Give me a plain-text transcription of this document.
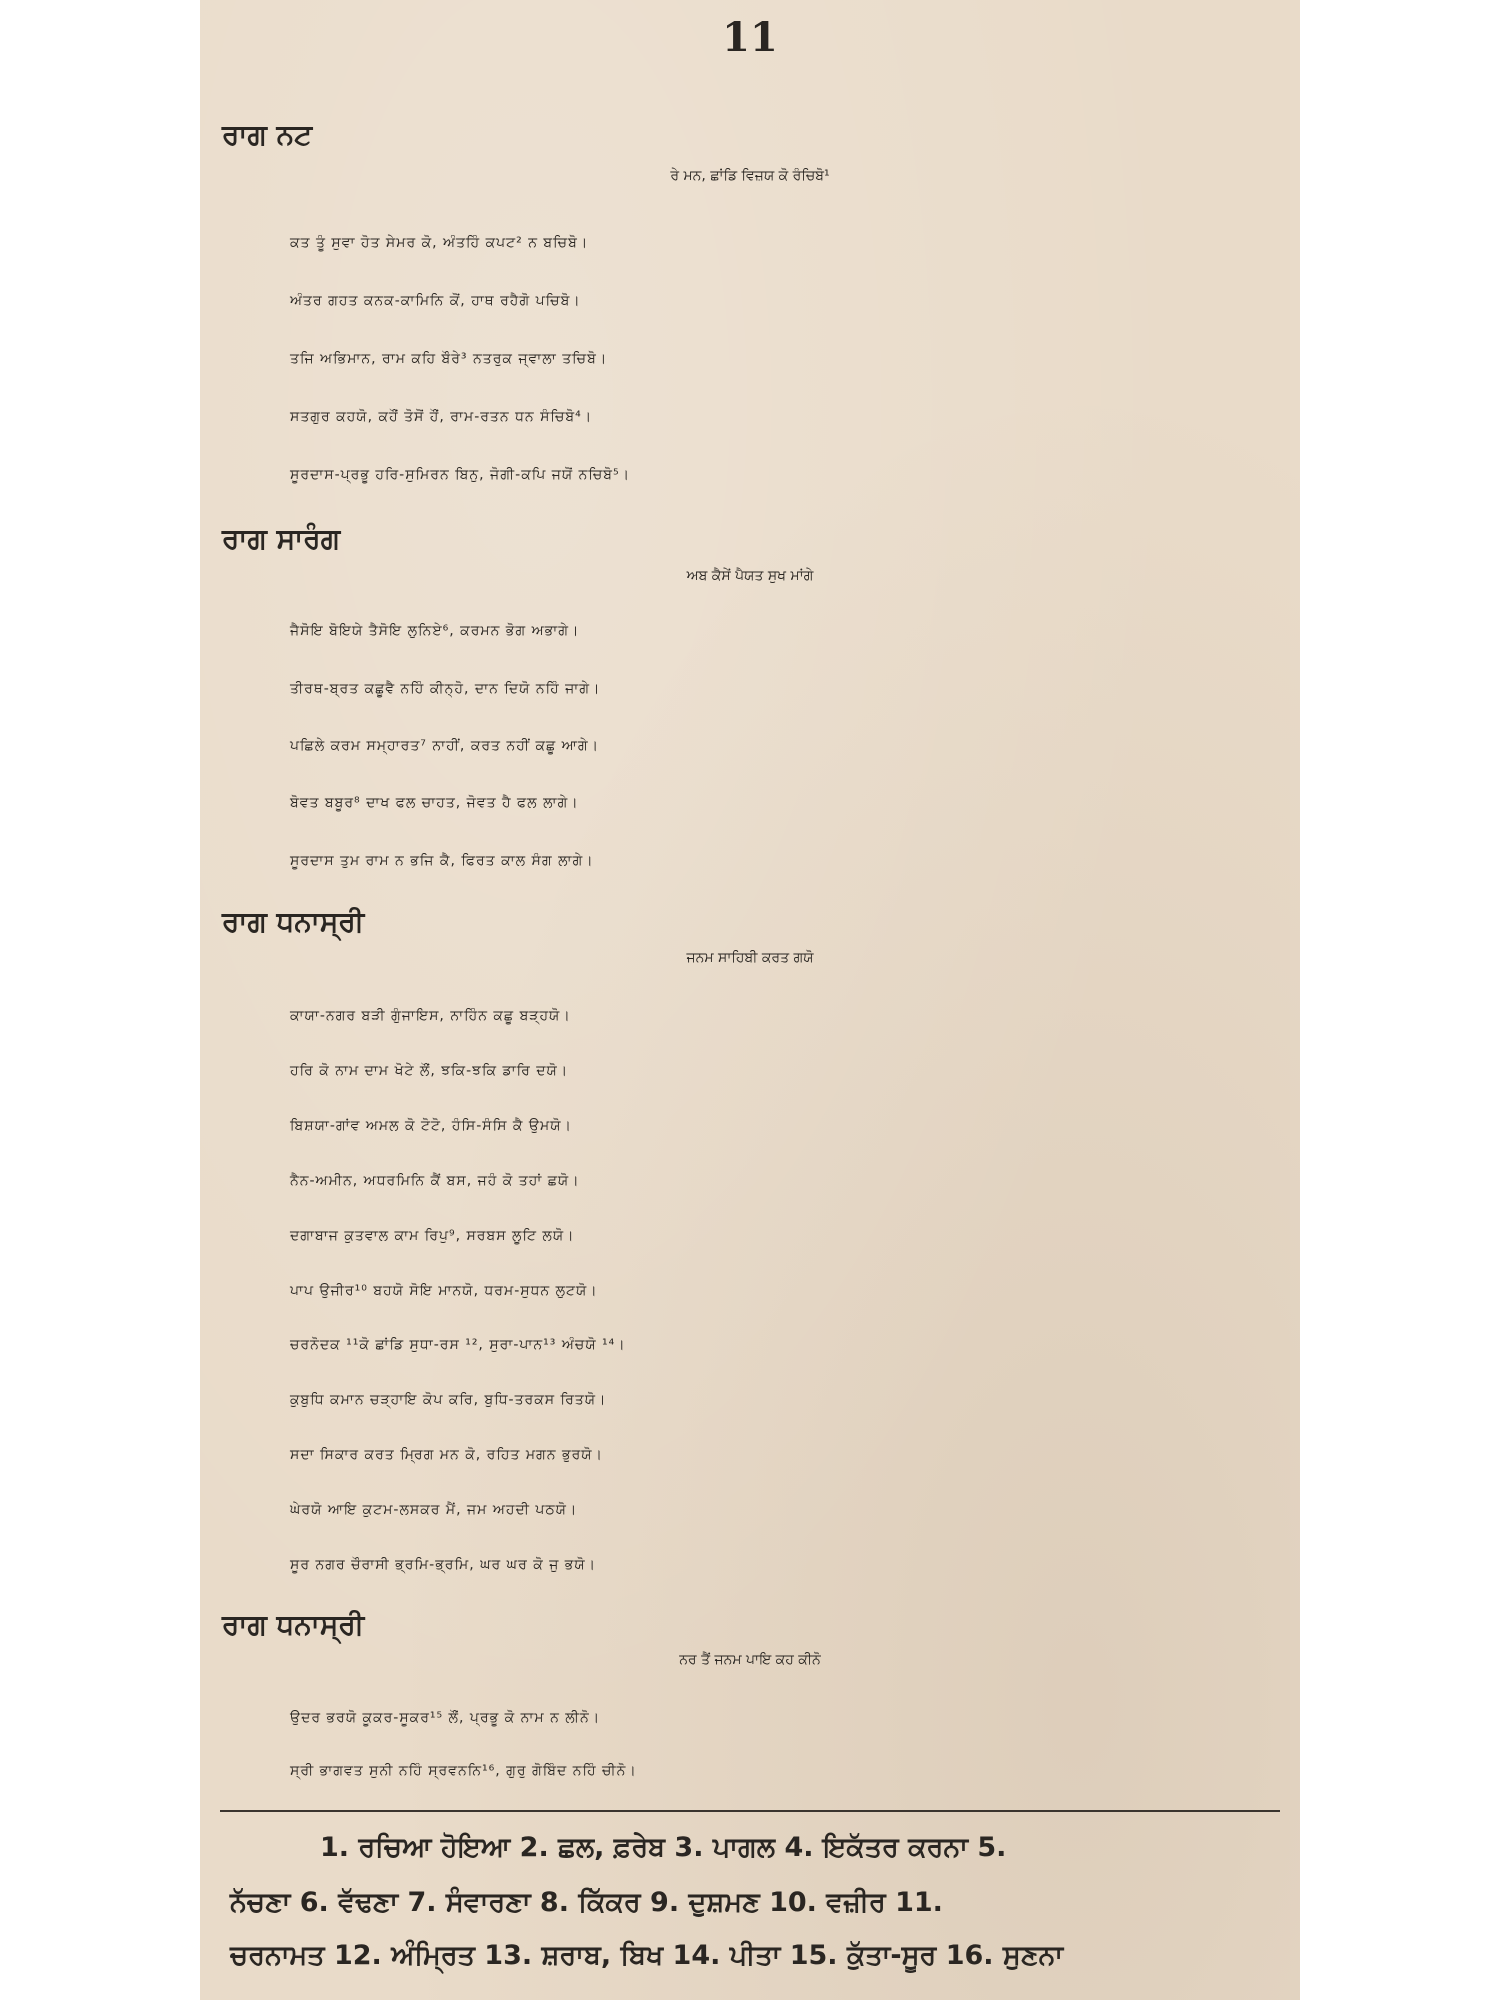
11
ਰਾਗ ਨਟ
ਰੇ ਮਨ, ਛਾਂਡਿ ਵਿਜ਼ਯ ਕੋ ਰੰਚਿਬੋ¹
ਕਤ ਤੂੰ ਸੁਵਾ ਹੋਤ ਸੇਮਰ ਕੋ, ਅੰਤਹਿੰ ਕਪਟ² ਨ ਬਚਿਬੋ।
ਅੰਤਰ ਗਹਤ ਕਨਕ-ਕਾਮਿਨਿ ਕੋਂ, ਹਾਥ ਰਹੈਗੋ ਪਚਿਬੋ।
ਤਜਿ ਅਭਿਮਾਨ, ਰਾਮ ਕਹਿ ਬੌਰੇ³ ਨਤਰੁਕ ਜ੍ਵਾਲਾ ਤਚਿਬੋ।
ਸਤਗੁਰ ਕਹਯੋ, ਕਹੌਂ ਤੋਸੋਂ ਹੌਂ, ਰਾਮ-ਰਤਨ ਧਨ ਸੰਚਿਬੋ⁴।
ਸੂਰਦਾਸ-ਪ੍ਰਭੂ ਹਰਿ-ਸੁਮਿਰਨ ਬਿਨੁ, ਜੋਗੀ-ਕਪਿ ਜਯੋਂ ਨਚਿਬੋ⁵।
ਰਾਗ ਸਾਰੰਗ
ਅਬ ਕੈਸੇਂ ਪੈਯਤ ਸੁਖ ਮਾਂਗੇ
ਜੈਸੋਇ ਬੋਇਯੇ ਤੈਸੋਇ ਲੁਨਿਏ⁶, ਕਰਮਨ ਭੋਗ ਅਭਾਗੇ।
ਤੀਰਥ-ਬ੍ਰਤ ਕਛੂਵੈ ਨਹਿੰ ਕੀਨ੍ਹੋ, ਦਾਨ ਦਿਯੋ ਨਹਿੰ ਜਾਗੇ।
ਪਛਿਲੇ ਕਰਮ ਸਮ੍ਹਾਰਤ⁷ ਨਾਹੀਂ, ਕਰਤ ਨਹੀਂ ਕਛੂ ਆਗੇ।
ਬੋਵਤ ਬਬੂਰ⁸ ਦਾਖ ਫਲ ਚਾਹਤ, ਜੋਵਤ ਹੈ ਫਲ ਲਾਗੇ।
ਸੂਰਦਾਸ ਤੁਮ ਰਾਮ ਨ ਭਜਿ ਕੈ, ਫਿਰਤ ਕਾਲ ਸੰਗ ਲਾਗੇ।
ਰਾਗ ਧਨਾਸ੍ਰੀ
ਜਨਮ ਸਾਹਿਬੀ ਕਰਤ ਗਯੋ
ਕਾਯਾ-ਨਗਰ ਬੜੀ ਗੁੰਜਾਇਸ, ਨਾਹਿੰਨ ਕਛੂ ਬੜ੍ਹਯੋ।
ਹਰਿ ਕੋ ਨਾਮ ਦਾਮ ਖੋਟੇ ਲੌਂ, ਝਕਿ-ਝਕਿ ਡਾਰਿ ਦਯੋ।
ਬਿਸ਼ਯਾ-ਗਾਂਵ ਅਮਲ ਕੋ ਟੋਟੋ, ਹੰਸਿ-ਸੰਸਿ ਕੈ ਉਮਯੋ।
ਨੈਨ-ਅਮੀਨ, ਅਧਰਮਿਨਿ ਕੈਂ ਬਸ, ਜਹੰ ਕੋ ਤਹਾਂ ਛਯੋ।
ਦਗਾਬਾਜ ਕੁਤਵਾਲ ਕਾਮ ਰਿਪੁ⁹, ਸਰਬਸ ਲੂਟਿ ਲਯੋ।
ਪਾਪ ਉਜੀਰ¹⁰ ਬਹਯੋ ਸੋਇ ਮਾਨਯੋ, ਧਰਮ-ਸੁਧਨ ਲੁਟਯੋ।
ਚਰਨੋਦਕ ¹¹ਕੋ ਛਾਂਡਿ ਸੁਧਾ-ਰਸ ¹², ਸੁਰਾ-ਪਾਨ¹³ ਅੰਚਯੋ ¹⁴।
ਕੁਬੁਧਿ ਕਮਾਨ ਚੜ੍ਹਾਇ ਕੋਪ ਕਰਿ, ਬੁਧਿ-ਤਰਕਸ ਰਿਤਯੋ।
ਸਦਾ ਸਿਕਾਰ ਕਰਤ ਮ੍ਰਿਗ ਮਨ ਕੋ, ਰਹਿਤ ਮਗਨ ਭੁਰਯੋ।
ਘੇਰਯੋ ਆਇ ਕੁਟਮ-ਲਸਕਰ ਮੈਂ, ਜਮ ਅਹਦੀ ਪਠਯੋ।
ਸੂਰ ਨਗਰ ਚੌਰਾਸੀ ਭ੍ਰਮਿ-ਭ੍ਰਮਿ, ਘਰ ਘਰ ਕੋ ਜੁ ਭਯੋ।
ਰਾਗ ਧਨਾਸ੍ਰੀ
ਨਰ ਤੈਂ ਜਨਮ ਪਾਇ ਕਹ ਕੀਨੋ
ਉਦਰ ਭਰਯੋ ਕੂਕਰ-ਸੂਕਰ¹⁵ ਲੌਂ, ਪ੍ਰਭੂ ਕੋ ਨਾਮ ਨ ਲੀਨੋ।
ਸ੍ਰੀ ਭਾਗਵਤ ਸੁਨੀ ਨਹਿੰ ਸ੍ਰਵਨਨਿ¹⁶, ਗੁਰੁ ਗੋਬਿੰਦ ਨਹਿੰ ਚੀਨੋ।
1. ਰਚਿਆ ਹੋਇਆ 2. ਛਲ, ਫ਼ਰੇਬ 3. ਪਾਗਲ 4. ਇਕੱਤਰ ਕਰਨਾ 5.
ਨੱਚਣਾ 6. ਵੱਢਣਾ 7. ਸੰਵਾਰਣਾ 8. ਕਿੱਕਰ 9. ਦੁਸ਼ਮਣ 10. ਵਜ਼ੀਰ 11.
ਚਰਨਾਮਤ 12. ਅੰਮ੍ਰਿਤ 13. ਸ਼ਰਾਬ, ਬਿਖ 14. ਪੀਤਾ 15. ਕੁੱਤਾ-ਸੂਰ 16. ਸੁਣਨਾ
